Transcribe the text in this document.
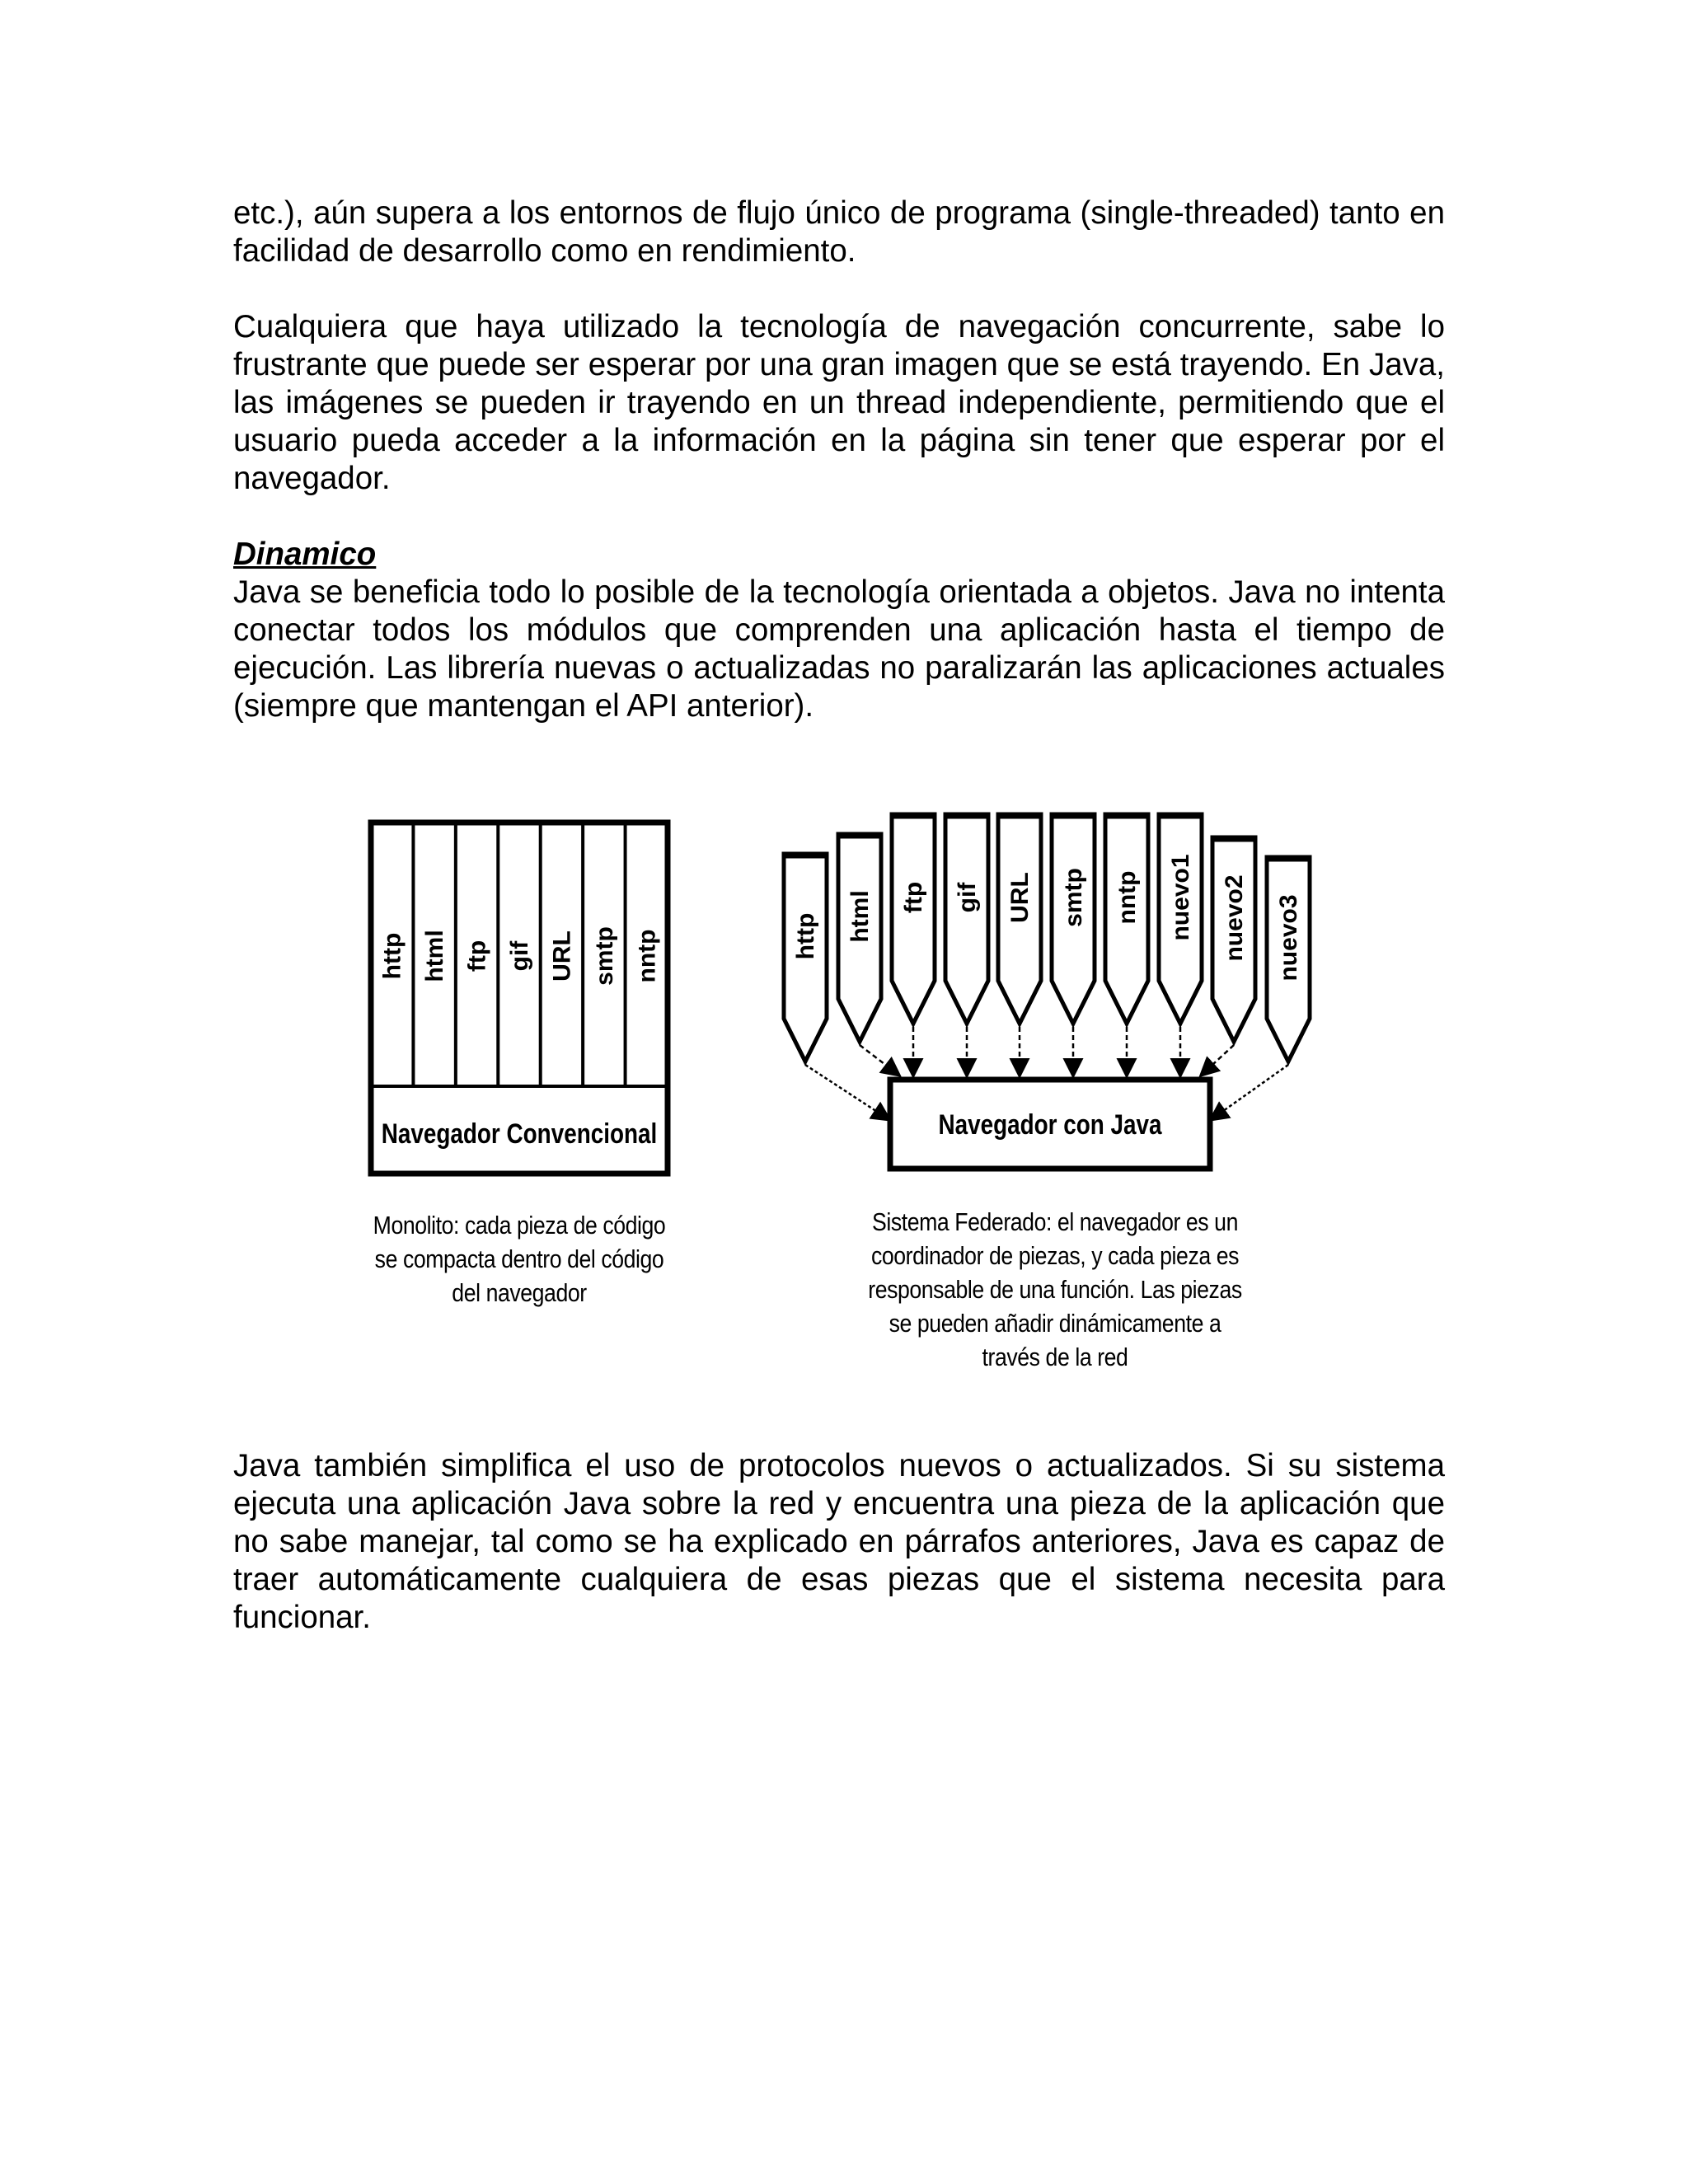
etc.), aún supera a los entornos de flujo único de programa (single-threaded) tanto en facilidad de desarrollo como en rendimiento.

Cualquiera que haya utilizado la tecnología de navegación concurrente, sabe lo frustrante que puede ser esperar por una gran imagen que se está trayendo. En Java, las imágenes se pueden ir trayendo en un thread independiente, permitiendo que el usuario pueda acceder a la información en la página sin tener que esperar por el navegador.

Dinamico

Java se beneficia todo lo posible de la tecnología orientada a objetos. Java no intenta conectar todos los módulos que comprenden una aplicación hasta el tiempo de ejecución. Las librería nuevas o actualizadas no paralizarán las aplicaciones actuales (siempre que mantengan el API anterior).

http html ftp gif URL smtp nntp
Navegador Convencional
http html ftp gif URL smtp nntp nuevo1 nuevo2 nuevo3
Navegador con Java
Monolito: cada pieza de código
se compacta dentro del código
del navegador
Sistema Federado: el navegador es un
coordinador de piezas, y cada pieza es
responsable de una función. Las piezas
se pueden añadir dinámicamente a
través de la red

Java también simplifica el uso de protocolos nuevos o actualizados. Si su sistema ejecuta una aplicación Java sobre la red y encuentra una pieza de la aplicación que no sabe manejar, tal como se ha explicado en párrafos anteriores, Java es capaz de traer automáticamente cualquiera de esas piezas que el sistema necesita para funcionar.
